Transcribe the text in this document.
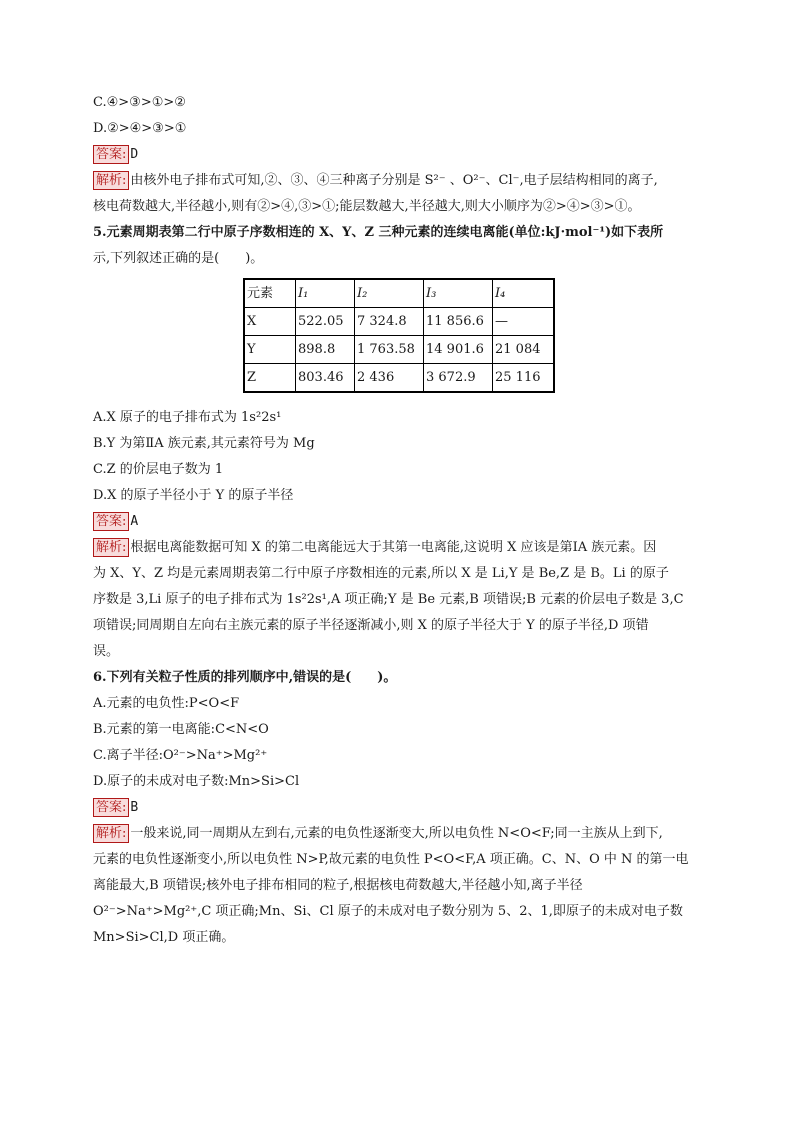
C.④>③>①>②
D.②>④>③>①
答案: D
解析: 由核外电子排布式可知,②、③、④三种离子分别是 S²⁻ 、O²⁻、Cl⁻,电子层结构相同的离子,
核电荷数越大,半径越小,则有②>④,③>①;能层数越大,半径越大,则大小顺序为②>④>③>①。
5.元素周期表第二行中原子序数相连的 X、Y、Z 三种元素的连续电离能(单位:kJ·mol⁻¹)如下表所
示,下列叙述正确的是(　　)。
元素	I₁	I₂	I₃	I₄
X	522.05	7 324.8	11 856.6	—
Y	898.8	1 763.58	14 901.6	21 084
Z	803.46	2 436	3 672.9	25 116
A.X 原子的电子排布式为 1s²2s¹
B.Y 为第ⅡA 族元素,其元素符号为 Mg
C.Z 的价层电子数为 1
D.X 的原子半径小于 Y 的原子半径
答案: A
解析: 根据电离能数据可知 X 的第二电离能远大于其第一电离能,这说明 X 应该是第ⅠA 族元素。因
为 X、Y、Z 均是元素周期表第二行中原子序数相连的元素,所以 X 是 Li,Y 是 Be,Z 是 B。Li 的原子
序数是 3,Li 原子的电子排布式为 1s²2s¹,A 项正确;Y 是 Be 元素,B 项错误;B 元素的价层电子数是 3,C
项错误;同周期自左向右主族元素的原子半径逐渐减小,则 X 的原子半径大于 Y 的原子半径,D 项错
误。
6.下列有关粒子性质的排列顺序中,错误的是(　　)。
A.元素的电负性:P<O<F
B.元素的第一电离能:C<N<O
C.离子半径:O²⁻>Na⁺>Mg²⁺
D.原子的未成对电子数:Mn>Si>Cl
答案: B
解析: 一般来说,同一周期从左到右,元素的电负性逐渐变大,所以电负性 N<O<F;同一主族从上到下,
元素的电负性逐渐变小,所以电负性 N>P,故元素的电负性 P<O<F,A 项正确。C、N、O 中 N 的第一电
离能最大,B 项错误;核外电子排布相同的粒子,根据核电荷数越大,半径越小知,离子半径
O²⁻>Na⁺>Mg²⁺,C 项正确;Mn、Si、Cl 原子的未成对电子数分别为 5、2、1,即原子的未成对电子数
Mn>Si>Cl,D 项正确。
